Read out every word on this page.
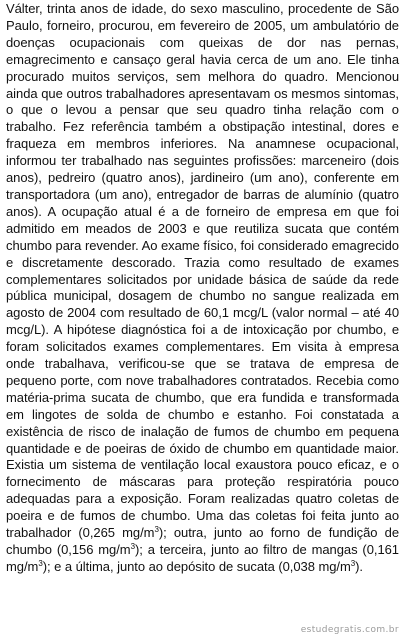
Válter, trinta anos de idade, do sexo masculino, procedente de São Paulo, forneiro, procurou, em fevereiro de 2005, um ambulatório de doenças ocupacionais com queixas de dor nas pernas, emagrecimento e cansaço geral havia cerca de um ano. Ele tinha procurado muitos serviços, sem melhora do quadro. Mencionou ainda que outros trabalhadores apresentavam os mesmos sintomas, o que o levou a pensar que seu quadro tinha relação com o trabalho. Fez referência também a obstipação intestinal, dores e fraqueza em membros inferiores. Na anamnese ocupacional, informou ter trabalhado nas seguintes profissões: marceneiro (dois anos), pedreiro (quatro anos), jardineiro (um ano), conferente em transportadora (um ano), entregador de barras de alumínio (quatro anos). A ocupação atual é a de forneiro de empresa em que foi admitido em meados de 2003 e que reutiliza sucata que contém chumbo para revender. Ao exame físico, foi considerado emagrecido e discretamente descorado. Trazia como resultado de exames complementares solicitados por unidade básica de saúde da rede pública municipal, dosagem de chumbo no sangue realizada em agosto de 2004 com resultado de 60,1 mcg/L (valor normal – até 40 mcg/L). A hipótese diagnóstica foi a de intoxicação por chumbo, e foram solicitados exames complementares. Em visita à empresa onde trabalhava, verificou-se que se tratava de empresa de pequeno porte, com nove trabalhadores contratados. Recebia como matéria-prima sucata de chumbo, que era fundida e transformada em lingotes de solda de chumbo e estanho. Foi constatada a existência de risco de inalação de fumos de chumbo em pequena quantidade e de poeiras de óxido de chumbo em quantidade maior. Existia um sistema de ventilação local exaustora pouco eficaz, e o fornecimento de máscaras para proteção respiratória pouco adequadas para a exposição. Foram realizadas quatro coletas de poeira e de fumos de chumbo. Uma das coletas foi feita junto ao trabalhador (0,265 $mg/m^3$); outra, junto ao forno de fundição de chumbo (0,156 $mg/m^3$); a terceira, junto ao filtro de mangas (0,161 $mg/m^3$); e a última, junto ao depósito de sucata (0,038 $mg/m^3$).

estudegratis.com.br
